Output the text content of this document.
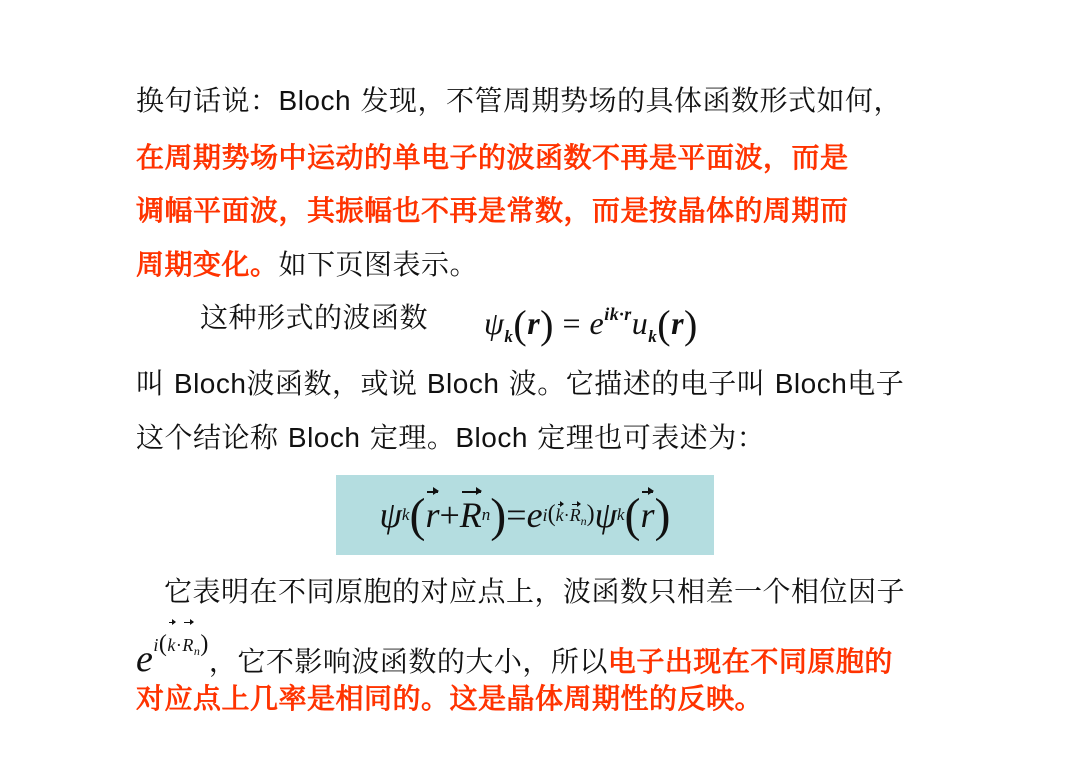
换句话说：Bloch 发现，不管周期势场的具体函数形式如何，
在周期势场中运动的单电子的波函数不再是平面波，而是
调幅平面波，其振幅也不再是常数，而是按晶体的周期而
周期变化。如下页图表示。
这种形式的波函数 $\psi_k(r) = e^{ik\cdot r}u_k(r)$
叫 Bloch波函数，或说 Bloch 波。它描述的电子叫 Bloch电子
这个结论称 Bloch 定理。Bloch 定理也可表述为：
ψ k ( r + R n ) = e $i(k\cdot R_n)$ ψ k ( r )
它表明在不同原胞的对应点上，波函数只相差一个相位因子
$e^{i(k\cdot R_n)}$，它不影响波函数的大小，所以电子出现在不同原胞的
对应点上几率是相同的。这是晶体周期性的反映。
